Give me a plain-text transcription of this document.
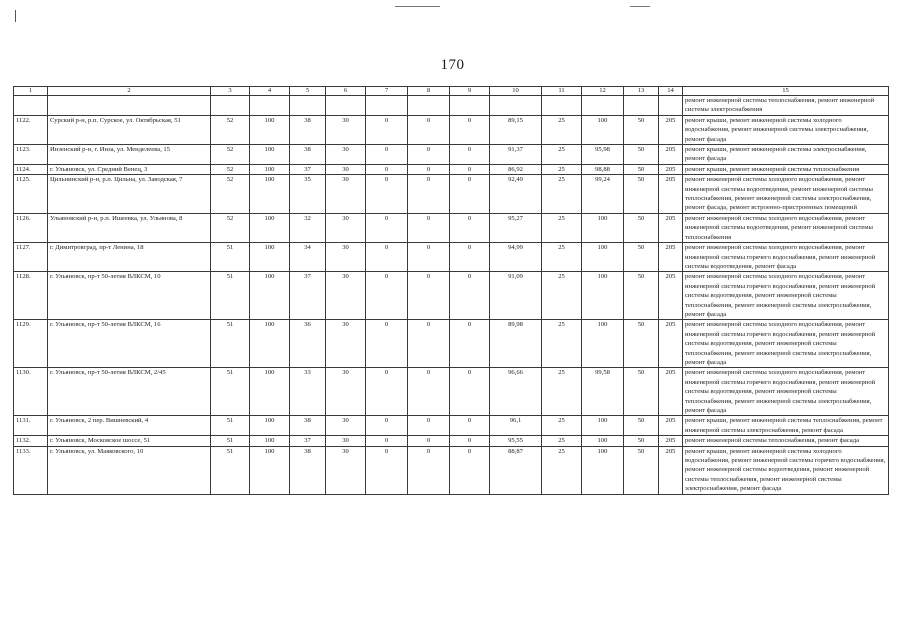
170
1	2	3	4	5	6	7	8	9	10	11	12	13	14	15
														ремонт инженерной системы теплоснабжения, ремонт инженерной системы электроснабжения
1122.	Сурский р-н, р.п. Сурское, ул. Октябрьская, 51	52	100	38	30	0	0	0	89,15	25	100	50	205	ремонт крыши, ремонт инженерной системы холодного водоснабжения, ремонт инженерной системы электроснабжения, ремонт фасада
1123.	Инзенский р-н, г. Инза, ул. Менделеева, 15	52	100	38	30	0	0	0	91,37	25	95,98	50	205	ремонт крыши, ремонт инженерной системы электроснабжения, ремонт фасада
1124.	г. Ульяновск, ул. Средний Венец, 3	52	100	37	30	0	0	0	86,92	25	98,88	50	205	ремонт крыши, ремонт инженерной системы теплоснабжения
1125.	Цильнинский р-н, р.п. Цильна, ул. Заводская, 7	52	100	35	30	0	0	0	92,49	25	99,24	50	205	ремонт инженерной системы холодного водоснабжения, ремонт инженерной системы водоотведения, ремонт инженерной системы теплоснабжения, ремонт инженерной системы электроснабжения, ремонт фасада, ремонт встроенно-пристроенных помещений
1126.	Ульяновский р-н, р.п. Ишеевка, ул. Ульянова, 8	52	100	32	30	0	0	0	95,27	25	100	50	205	ремонт инженерной системы холодного водоснабжения, ремонт инженерной системы водоотведения, ремонт инженерной системы теплоснабжения
1127.	г. Димитровград, пр-т Ленина, 18	51	100	34	30	0	0	0	94,99	25	100	50	205	ремонт инженерной системы холодного водоснабжения, ремонт инженерной системы горячего водоснабжения, ремонт инженерной системы водоотведения, ремонт фасада
1128.	г. Ульяновск, пр-т 50-летия ВЛКСМ, 10	51	100	37	30	0	0	0	91,09	25	100	50	205	ремонт инженерной системы холодного водоснабжения, ремонт инженерной системы горячего водоснабжения, ремонт инженерной системы водоотведения, ремонт инженерной системы теплоснабжения, ремонт инженерной системы электроснабжения, ремонт фасада
1129.	г. Ульяновск, пр-т 50-летия ВЛКСМ, 16	51	100	36	30	0	0	0	89,98	25	100	50	205	ремонт инженерной системы холодного водоснабжения, ремонт инженерной системы горячего водоснабжения, ремонт инженерной системы водоотведения, ремонт инженерной системы теплоснабжения, ремонт инженерной системы электроснабжения, ремонт фасада
1130.	г. Ульяновск, пр-т 50-летия ВЛКСМ, 2/45	51	100	33	30	0	0	0	96,66	25	99,58	50	205	ремонт инженерной системы холодного водоснабжения, ремонт инженерной системы горячего водоснабжения, ремонт инженерной системы водоотведения, ремонт инженерной системы теплоснабжения, ремонт инженерной системы электроснабжения, ремонт фасада
1131.	г. Ульяновск, 2 пер. Вишневский, 4	51	100	38	30	0	0	0	96,1	25	100	50	205	ремонт крыши, ремонт инженерной системы теплоснабжения, ремонт инженерной системы электроснабжения, ремонт фасада
1132.	г. Ульяновск, Московское шоссе, 51	51	100	37	30	0	0	0	95,55	25	100	50	205	ремонт инженерной системы теплоснабжения, ремонт фасада
1133.	г. Ульяновск, ул. Маяковского, 10	51	100	38	30	0	0	0	88,87	25	100	50	205	ремонт крыши, ремонт инженерной системы холодного водоснабжения, ремонт инженерной системы горячего водоснабжения, ремонт инженерной системы водоотведения, ремонт инженерной системы теплоснабжения, ремонт инженерной системы электроснабжения, ремонт фасада
